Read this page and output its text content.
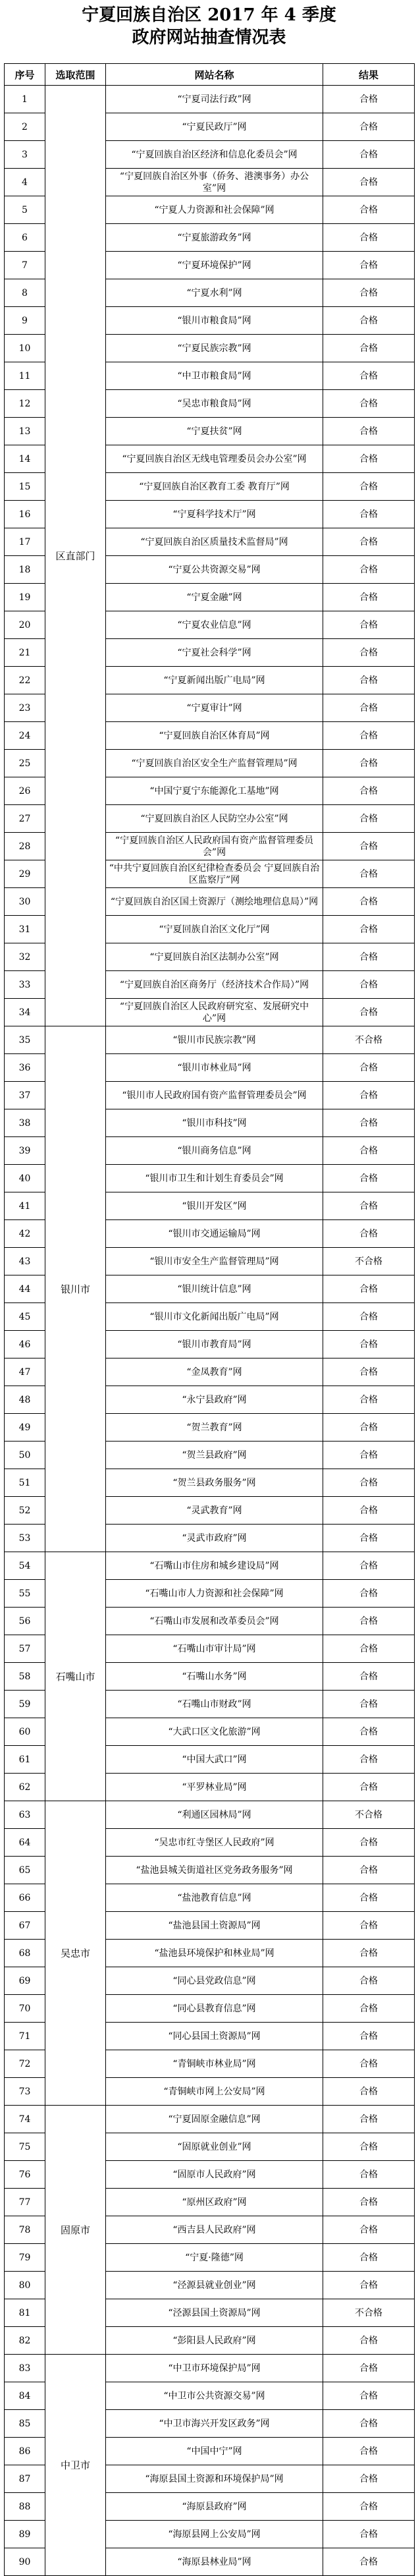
宁夏回族自治区 2017 年 4 季度
政府网站抽查情况表
序号	选取范围	网站名称	结果
1	区直部门	“宁夏司法行政”网	合格
2		“宁夏民政厅”网	合格
3		“宁夏回族自治区经济和信息化委员会”网	合格
4		“宁夏回族自治区外事（侨务、港澳事务）办公室”网	合格
5		“宁夏人力资源和社会保障”网	合格
6		“宁夏旅游政务”网	合格
7		“宁夏环境保护”网	合格
8		“宁夏水利”网	合格
9		“银川市粮食局”网	合格
10		“宁夏民族宗教”网	合格
11		“中卫市粮食局”网	合格
12		“吴忠市粮食局”网	合格
13		“宁夏扶贫”网	合格
14		“宁夏回族自治区无线电管理委员会办公室”网	合格
15		“宁夏回族自治区教育工委 教育厅”网	合格
16		“宁夏科学技术厅”网	合格
17		“宁夏回族自治区质量技术监督局”网	合格
18		“宁夏公共资源交易”网	合格
19		“宁夏金融”网	合格
20		“宁夏农业信息”网	合格
21		“宁夏社会科学”网	合格
22		“宁夏新闻出版广电局”网	合格
23		“宁夏审计”网	合格
24		“宁夏回族自治区体育局”网	合格
25		“宁夏回族自治区安全生产监督管理局”网	合格
26		“中国宁夏宁东能源化工基地”网	合格
27		“宁夏回族自治区人民防空办公室”网	合格
28		“宁夏回族自治区人民政府国有资产监督管理委员会”网	合格
29		“中共宁夏回族自治区纪律检查委员会 宁夏回族自治区监察厅”网	合格
30		“宁夏回族自治区国土资源厅（测绘地理信息局）”网	合格
31		“宁夏回族自治区文化厅”网	合格
32		“宁夏回族自治区法制办公室”网	合格
33		“宁夏回族自治区商务厅（经济技术合作局）”网	合格
34		“宁夏回族自治区人民政府研究室、发展研究中心”网	合格
35	银川市	“银川市民族宗教”网	不合格
36		“银川市林业局”网	合格
37		“银川市人民政府国有资产监督管理委员会”网	合格
38		“银川市科技”网	合格
39		“银川商务信息”网	合格
40		“银川市卫生和计划生育委员会”网	合格
41		“银川开发区”网	合格
42		“银川市交通运输局”网	合格
43		“银川市安全生产监督管理局”网	不合格
44		“银川统计信息”网	合格
45		“银川市文化新闻出版广电局”网	合格
46		“银川市教育局”网	合格
47		“金凤教育”网	合格
48		“永宁县政府”网	合格
49		“贺兰教育”网	合格
50		“贺兰县政府”网	合格
51		“贺兰县政务服务”网	合格
52		“灵武教育”网	合格
53		“灵武市政府”网	合格
54	石嘴山市	“石嘴山市住房和城乡建设局”网	合格
55		“石嘴山市人力资源和社会保障”网	合格
56		“石嘴山市发展和改革委员会”网	合格
57		“石嘴山市审计局”网	合格
58		“石嘴山水务”网	合格
59		“石嘴山市财政”网	合格
60		“大武口区文化旅游”网	合格
61		“中国大武口”网	合格
62		“平罗林业局”网	合格
63	吴忠市	“利通区园林局”网	不合格
64		“吴忠市红寺堡区人民政府”网	合格
65		“盐池县城关街道社区党务政务服务”网	合格
66		“盐池教育信息”网	合格
67		“盐池县国土资源局”网	合格
68		“盐池县环境保护和林业局”网	合格
69		“同心县党政信息”网	合格
70		“同心县教育信息”网	合格
71		“同心县国土资源局”网	合格
72		“青铜峡市林业局”网	合格
73		“青铜峡市网上公安局”网	合格
74	固原市	“宁夏固原金融信息”网	合格
75		“固原就业创业”网	合格
76		“固原市人民政府”网	合格
77		“原州区政府”网	合格
78		“西吉县人民政府”网	合格
79		“宁夏·隆德”网	合格
80		“泾源县就业创业”网	合格
81		“泾源县国土资源局”网	不合格
82		“彭阳县人民政府”网	合格
83	中卫市	“中卫市环境保护局”网	合格
84		“中卫市公共资源交易”网	合格
85		“中卫市海兴开发区政务”网	合格
86		“中国中宁”网	合格
87		“海原县国土资源和环境保护局”网	合格
88		“海原县政府”网	合格
89		“海原县网上公安局”网	合格
90		“海原县林业局”网	合格
